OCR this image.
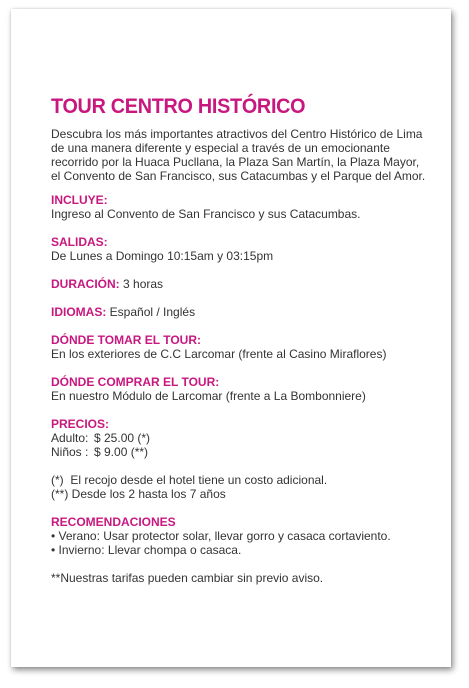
TOUR CENTRO HISTÓRICO
Descubra los más importantes atractivos del Centro Histórico de Lima
de una manera diferente y especial a través de un emocionante
recorrido por la Huaca Pucllana, la Plaza San Martín, la Plaza Mayor,
el Convento de San Francisco, sus Catacumbas y el Parque del Amor.
INCLUYE:
Ingreso al Convento de San Francisco y sus Catacumbas.
SALIDAS:
De Lunes a Domingo 10:15am y 03:15pm
DURACIÓN: 3 horas
IDIOMAS: Español / Inglés
DÓNDE TOMAR EL TOUR:
En los exteriores de C.C Larcomar (frente al Casino Miraflores)
DÓNDE COMPRAR EL TOUR:
En nuestro Módulo de Larcomar (frente a La Bombonniere)
PRECIOS:
Adulto: $ 25.00 (*)
Niños : $ 9.00 (**)
(*)  El recojo desde el hotel tiene un costo adicional.
(**) Desde los 2 hasta los 7 años
RECOMENDACIONES
• Verano: Usar protector solar, llevar gorro y casaca cortaviento.
• Invierno: Llevar chompa o casaca.
**Nuestras tarifas pueden cambiar sin previo aviso.
